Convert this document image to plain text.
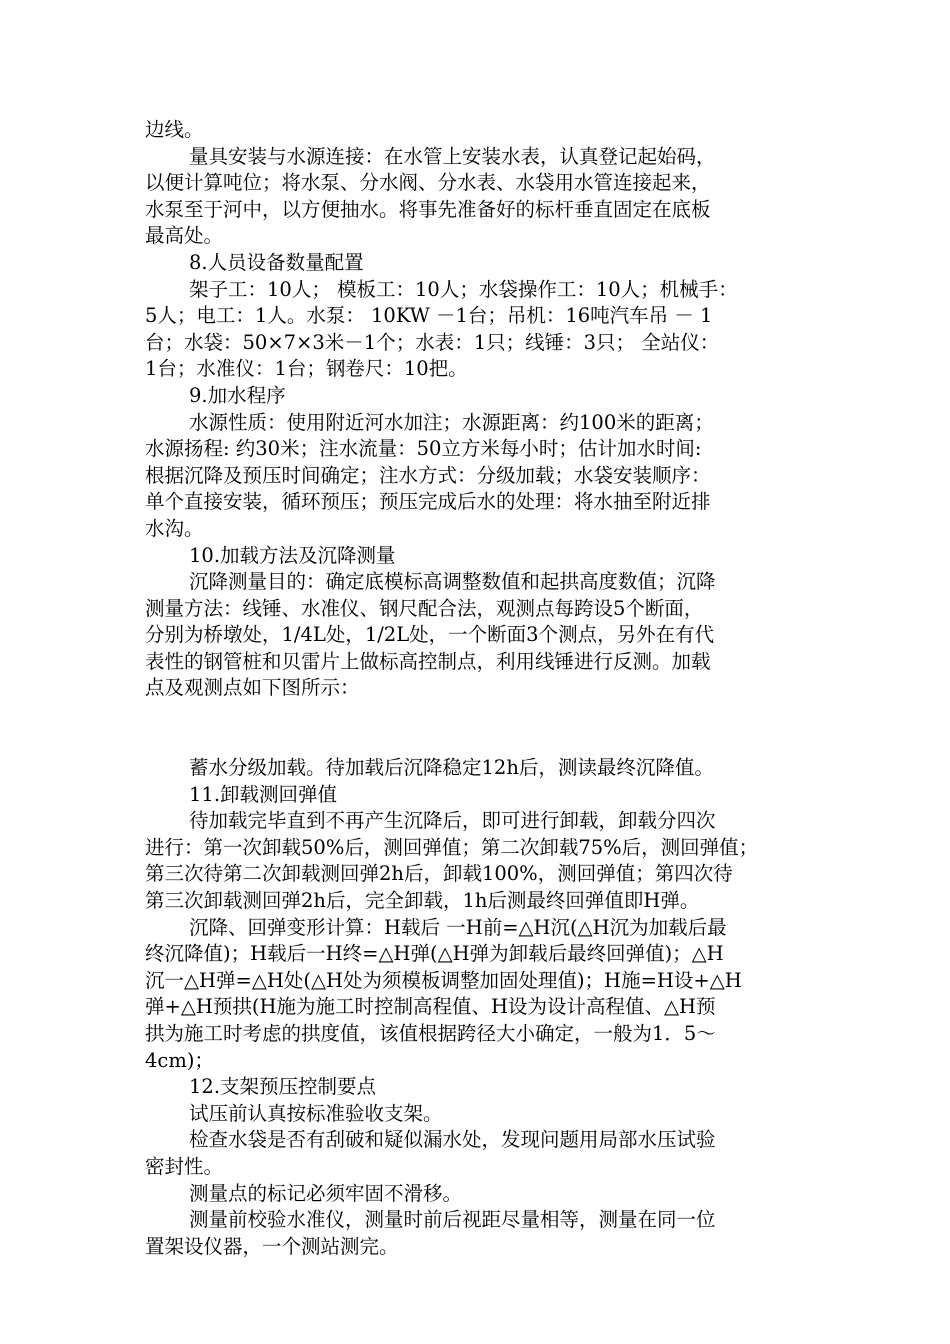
边线。
量具安装与水源连接：在水管上安装水表，认真登记起始码，
以便计算吨位；将水泵、分水阀、分水表、水袋用水管连接起来，
水泵至于河中，以方便抽水。将事先准备好的标杆垂直固定在底板
最高处。
8.人员设备数量配置
架子工：10人； 模板工：10人；水袋操作工：10人；机械手：
5人；电工：1人。水泵： 10KW －1台；吊机：16吨汽车吊 － 1
台；水袋：50×7×3米－1个；水表：1只；线锤：3只； 全站仪：
1台；水准仪：1台；钢卷尺：10把。
9.加水程序
水源性质：使用附近河水加注；水源距离：约100米的距离；
水源扬程: 约30米；注水流量：50立方米每小时；估计加水时间:
根据沉降及预压时间确定；注水方式：分级加载；水袋安装顺序：
单个直接安装，循环预压；预压完成后水的处理：将水抽至附近排
水沟。
10.加载方法及沉降测量
沉降测量目的：确定底模标高调整数值和起拱高度数值；沉降
测量方法：线锤、水准仪、钢尺配合法，观测点每跨设5个断面，
分别为桥墩处，1/4L处，1/2L处，一个断面3个测点，另外在有代
表性的钢管桩和贝雷片上做标高控制点，利用线锤进行反测。加载
点及观测点如下图所示：
蓄水分级加载。待加载后沉降稳定12h后，测读最终沉降值。
11.卸载测回弹值
待加载完毕直到不再产生沉降后，即可进行卸载，卸载分四次
进行：第一次卸载50%后，测回弹值；第二次卸载75%后，测回弹值；
第三次待第二次卸载测回弹2h后，卸载100%，测回弹值；第四次待
第三次卸载测回弹2h后，完全卸载，1h后测最终回弹值即H弹。
沉降、回弹变形计算：H载后 一H前=△H沉(△H沉为加载后最
终沉降值)；H载后一H终=△H弹(△H弹为卸载后最终回弹值)；△H
沉一△H弹=△H处(△H处为须模板调整加固处理值)；H施=H设+△H
弹+△H预拱(H施为施工时控制高程值、H设为设计高程值、△H预
拱为施工时考虑的拱度值，该值根据跨径大小确定，一般为1．5～
4cm)；
12.支架预压控制要点
试压前认真按标准验收支架。
检查水袋是否有刮破和疑似漏水处，发现问题用局部水压试验
密封性。
测量点的标记必须牢固不滑移。
测量前校验水准仪，测量时前后视距尽量相等，测量在同一位
置架设仪器，一个测站测完。
